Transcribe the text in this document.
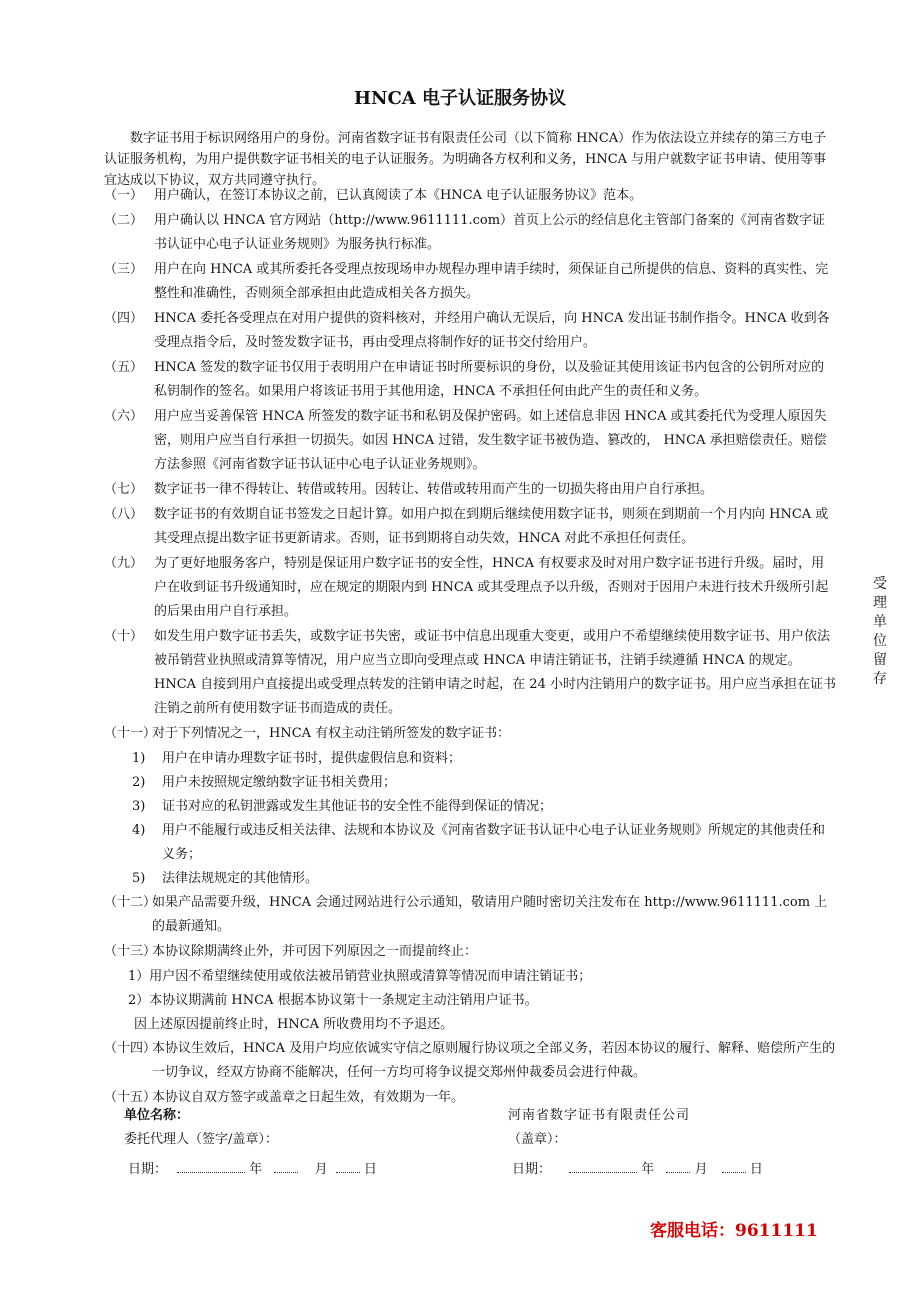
HNCA 电子认证服务协议
数字证书用于标识网络用户的身份。河南省数字证书有限责任公司（以下简称 HNCA）作为依法设立并续存的第三方电子认证服务机构，为用户提供数字证书相关的电子认证服务。为明确各方权利和义务，HNCA 与用户就数字证书申请、使用等事宜达成以下协议，双方共同遵守执行。
（一） 用户确认，在签订本协议之前，已认真阅读了本《HNCA 电子认证服务协议》范本。
（二） 用户确认以 HNCA 官方网站（http://www.9611111.com）首页上公示的经信息化主管部门备案的《河南省数字证书认证中心电子认证业务规则》为服务执行标准。
（三） 用户在向 HNCA 或其所委托各受理点按现场申办规程办理申请手续时，须保证自己所提供的信息、资料的真实性、完整性和准确性，否则须全部承担由此造成相关各方损失。
（四） HNCA 委托各受理点在对用户提供的资料核对，并经用户确认无误后，向 HNCA 发出证书制作指令。HNCA 收到各受理点指令后，及时签发数字证书，再由受理点将制作好的证书交付给用户。
（五） HNCA 签发的数字证书仅用于表明用户在申请证书时所要标识的身份，以及验证其使用该证书内包含的公钥所对应的私钥制作的签名。如果用户将该证书用于其他用途，HNCA 不承担任何由此产生的责任和义务。
（六） 用户应当妥善保管 HNCA 所签发的数字证书和私钥及保护密码。如上述信息非因 HNCA 或其委托代为受理人原因失密，则用户应当自行承担一切损失。如因 HNCA 过错，发生数字证书被伪造、篡改的， HNCA 承担赔偿责任。赔偿方法参照《河南省数字证书认证中心电子认证业务规则》。
（七） 数字证书一律不得转让、转借或转用。因转让、转借或转用而产生的一切损失将由用户自行承担。
（八） 数字证书的有效期自证书签发之日起计算。如用户拟在到期后继续使用数字证书，则须在到期前一个月内向 HNCA 或其受理点提出数字证书更新请求。否则，证书到期将自动失效，HNCA 对此不承担任何责任。
（九） 为了更好地服务客户，特别是保证用户数字证书的安全性，HNCA 有权要求及时对用户数字证书进行升级。届时，用户在收到证书升级通知时，应在规定的期限内到 HNCA 或其受理点予以升级，否则对于因用户未进行技术升级所引起的后果由用户自行承担。
（十） 如发生用户数字证书丢失，或数字证书失密，或证书中信息出现重大变更，或用户不希望继续使用数字证书、用户依法被吊销营业执照或清算等情况，用户应当立即向受理点或 HNCA 申请注销证书，注销手续遵循 HNCA 的规定。HNCA 自接到用户直接提出或受理点转发的注销申请之时起，在 24 小时内注销用户的数字证书。用户应当承担在证书注销之前所有使用数字证书而造成的责任。
（十一）
对于下列情况之一，HNCA 有权主动注销所签发的数字证书：
1) 用户在申请办理数字证书时，提供虚假信息和资料；
2) 用户未按照规定缴纳数字证书相关费用；
3) 证书对应的私钥泄露或发生其他证书的安全性不能得到保证的情况；
4) 用户不能履行或违反相关法律、法规和本协议及《河南省数字证书认证中心电子认证业务规则》所规定的其他责任和义务；
5) 法律法规规定的其他情形。
（十二）
如果产品需要升级，HNCA 会通过网站进行公示通知，敬请用户随时密切关注发布在 http://www.9611111.com 上的最新通知。
（十三）
本协议除期满终止外，并可因下列原因之一而提前终止：
1）用户因不希望继续使用或依法被吊销营业执照或清算等情况而申请注销证书；
2）本协议期满前 HNCA 根据本协议第十一条规定主动注销用户证书。
因上述原因提前终止时，HNCA 所收费用均不予退还。
（十四）
本协议生效后，HNCA 及用户均应依诚实守信之原则履行协议项之全部义务，若因本协议的履行、解释、赔偿所产生的一切争议，经双方协商不能解决，任何一方均可将争议提交郑州仲裁委员会进行仲裁。
（十五）
本协议自双方签字或盖章之日起生效，有效期为一年。
单位名称：
委托代理人（签字/盖章）：
河南省数字证书有限责任公司
（盖章）：
日期：	年	月	日	日期：	年	月	日
受理单位留存
客服电话：9611111
